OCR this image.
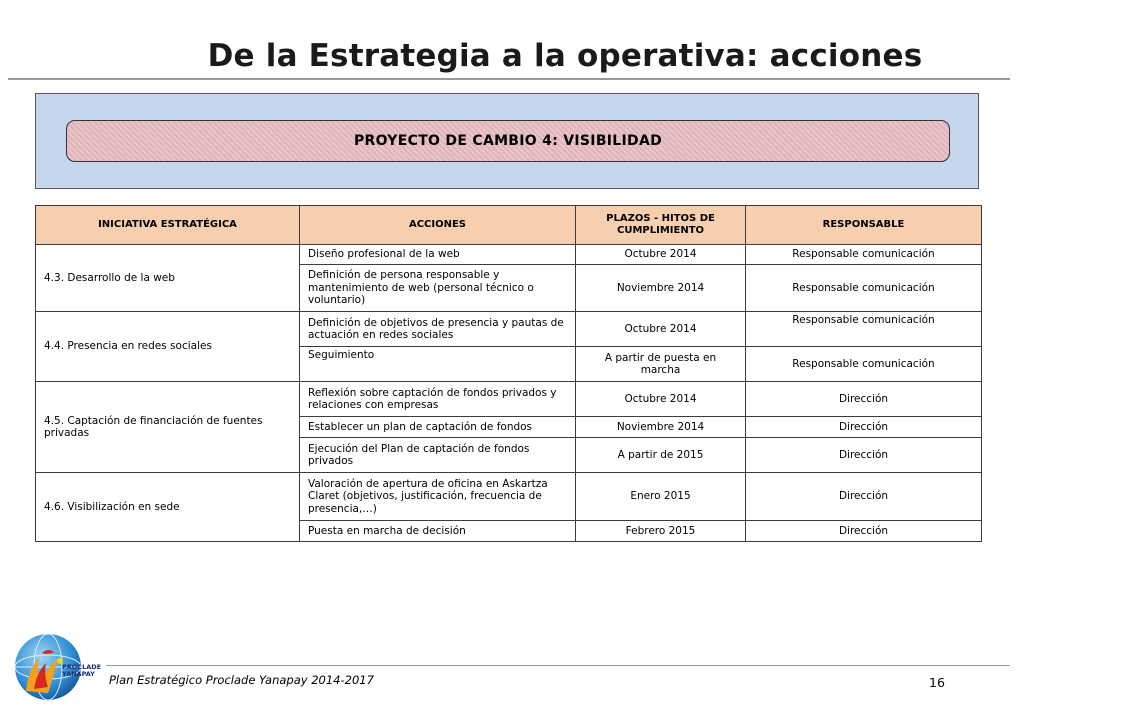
De la Estrategia a la operativa: acciones
PROYECTO DE CAMBIO 4: VISIBILIDAD
INICIATIVA ESTRATÉGICA	ACCIONES	PLAZOS - HITOS DE CUMPLIMIENTO	RESPONSABLE
4.3. Desarrollo de la web	Diseño profesional de la web	Octubre 2014	Responsable comunicación
	Definición de persona responsable y mantenimiento de web (personal técnico o voluntario)	Noviembre 2014	Responsable comunicación
4.4. Presencia en redes sociales	Definición de objetivos de presencia y pautas de actuación en redes sociales	Octubre 2014	Responsable comunicación
	Seguimiento	A partir de puesta en marcha	Responsable comunicación
4.5. Captación de financiación de fuentes privadas	Reflexión sobre captación de fondos privados y relaciones con empresas	Octubre 2014	Dirección
	Establecer un plan de captación de fondos	Noviembre 2014	Dirección
	Ejecución del Plan de captación de fondos privados	A partir de 2015	Dirección
4.6. Visibilización en sede	Valoración de apertura de oficina en Askartza Claret (objetivos, justificación, frecuencia de presencia,…)	Enero 2015	Dirección
	Puesta en marcha de decisión	Febrero 2015	Dirección
PROCLADE
YANAPAY Plan Estratégico Proclade Yanapay 2014-2017	16
